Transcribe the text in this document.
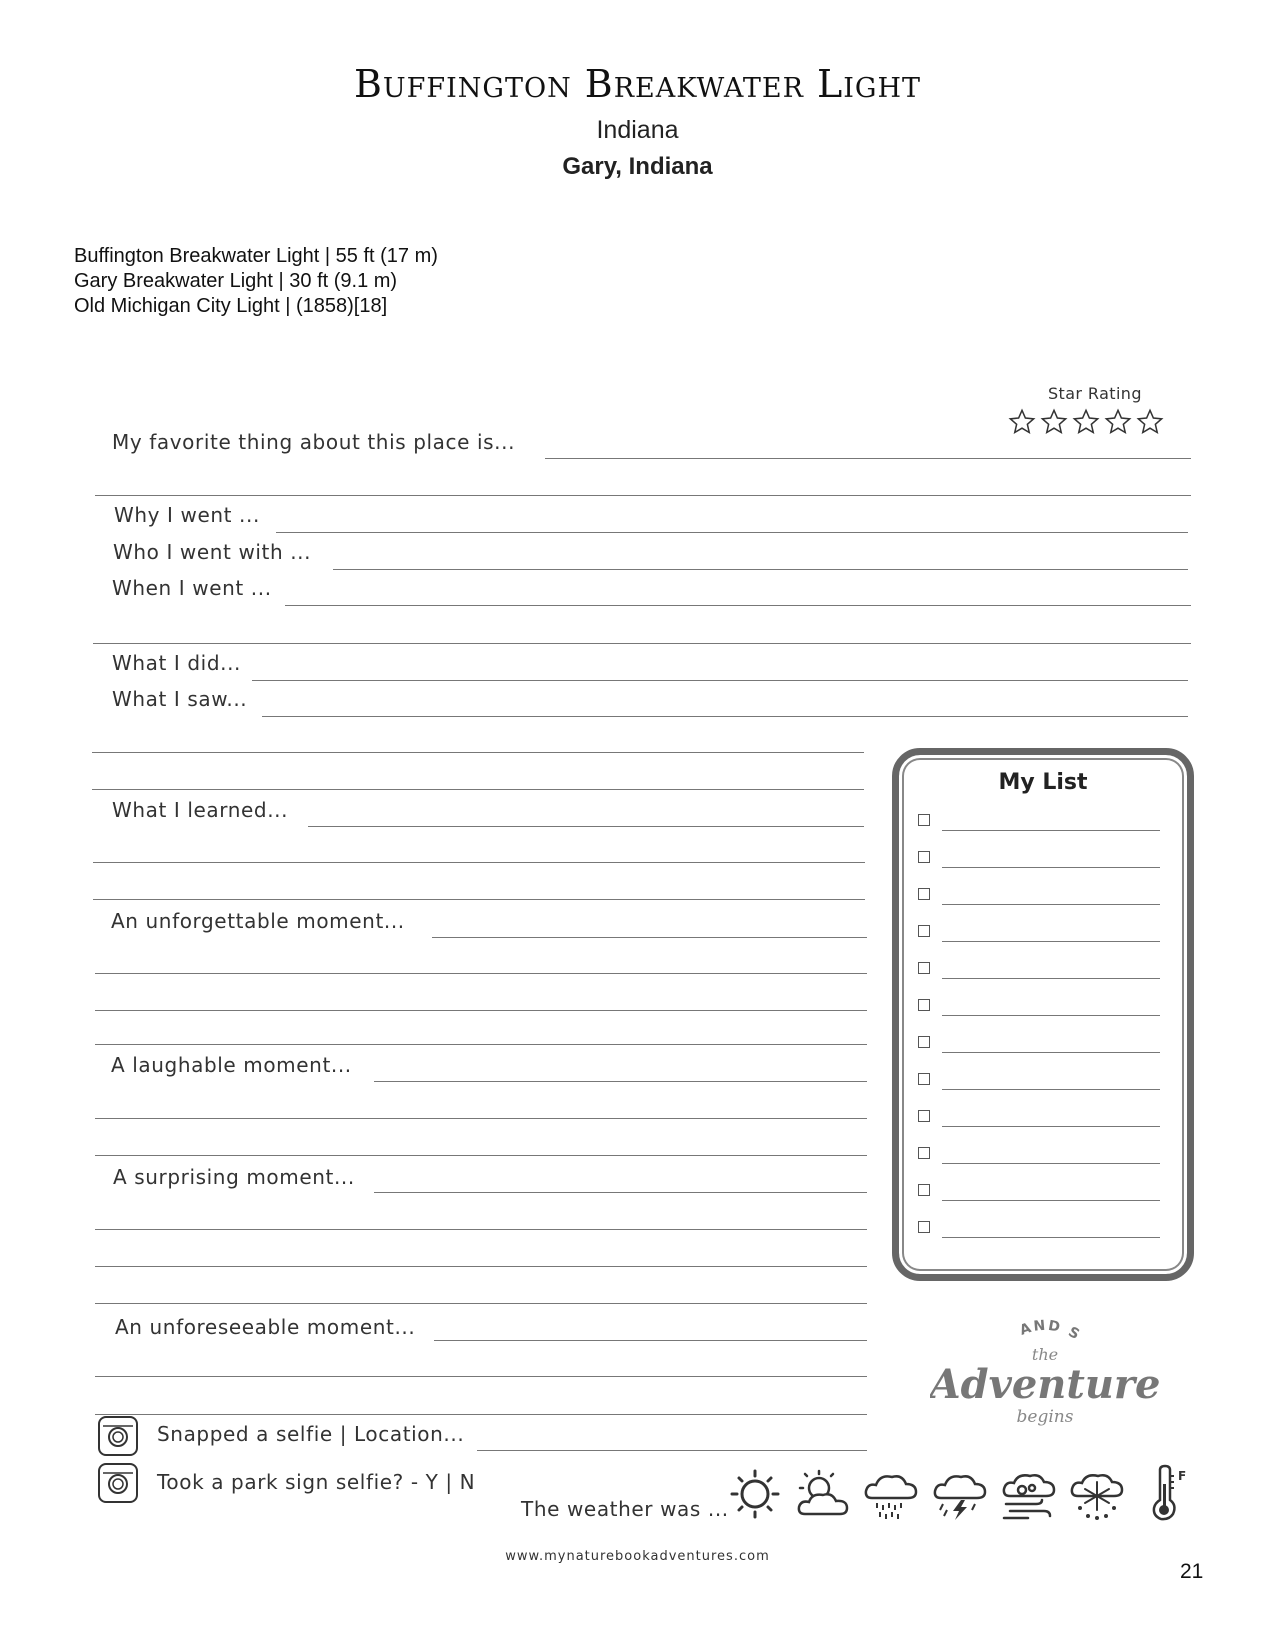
Buffington Breakwater Light
Indiana
Gary, Indiana
Buffington Breakwater Light | 55 ft (17 m)
Gary Breakwater Light | 30 ft (9.1 m)
Old Michigan City Light | (1858)[18]
Star Rating
My favorite thing about this place is...
Why I went ...
Who I went with ...
When I went ...
What I did...
What I saw...
What I learned...
An unforgettable moment...
A laughable moment...
A surprising moment...
An unforeseeable moment...
My List
AND S
the
Adventure
begins
Snapped a selfie | Location...
Took a park sign selfie? - Y | N
The weather was ...
F
www.mynaturebookadventures.com
21
